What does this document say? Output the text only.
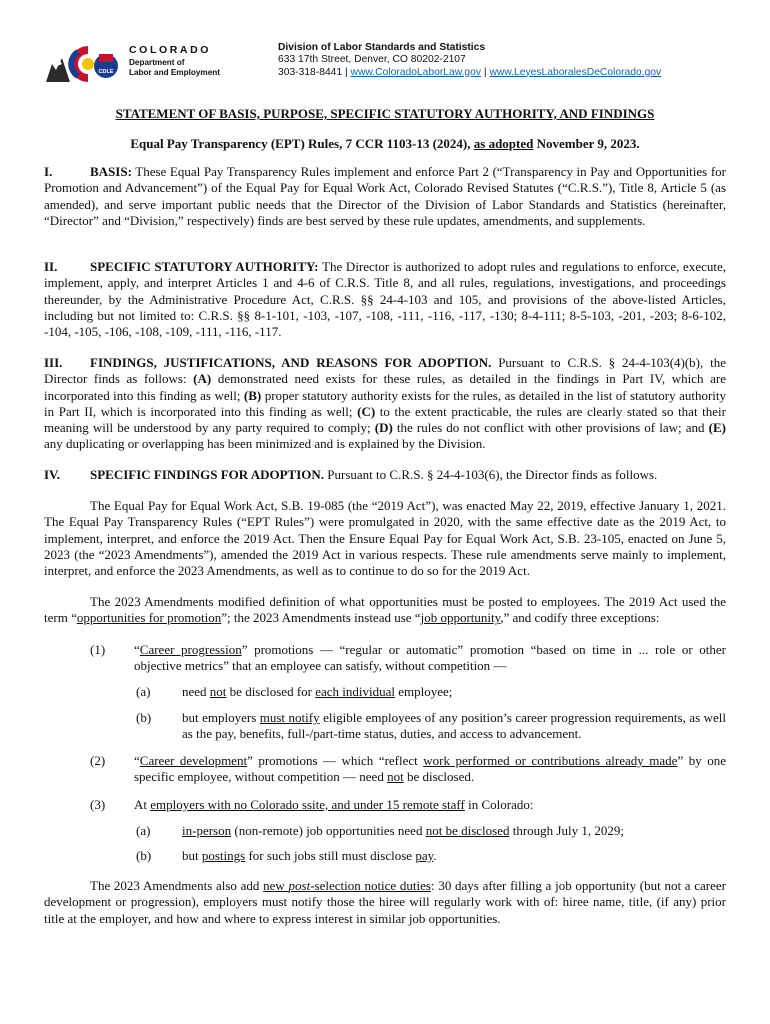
CDLE
COLORADO
Department of
Labor and Employment
Division of Labor Standards and Statistics
633 17th Street, Denver, CO 80202-2107
303-318-8441 | www.ColoradoLaborLaw.gov | www.LeyesLaboralesDeColorado.gov
STATEMENT OF BASIS, PURPOSE, SPECIFIC STATUTORY AUTHORITY, AND FINDINGS
Equal Pay Transparency (EPT) Rules, 7 CCR 1103-13 (2024), as adopted November 9, 2023.
I.	BASIS: These Equal Pay Transparency Rules implement and enforce Part 2 (“Transparency in Pay and Opportunities for Promotion and Advancement”) of the Equal Pay for Equal Work Act, Colorado Revised Statutes (“C.R.S.”), Title 8, Article 5 (as amended), and serve important public needs that the Director of the Division of Labor Standards and Statistics (hereinafter, “Director” and “Division,” respectively) finds are best served by these rule updates, amendments, and supplements.
II.	SPECIFIC STATUTORY AUTHORITY: The Director is authorized to adopt rules and regulations to enforce, execute, implement, apply, and interpret Articles 1 and 4-6 of C.R.S. Title 8, and all rules, regulations, investigations, and proceedings thereunder, by the Administrative Procedure Act, C.R.S. §§ 24-4-103 and 105, and provisions of the above-listed Articles, including but not limited to: C.R.S. §§ 8-1-101, -103, -107, -108, -111, -116, -117, -130; 8-4-111; 8-5-103, -201, -203; 8-6-102, -104, -105, -106, -108, -109, -111, -116, -117.
III. FINDINGS, JUSTIFICATIONS, AND REASONS FOR ADOPTION. Pursuant to C.R.S. § 24-4-103(4)(b), the Director finds as follows: (A) demonstrated need exists for these rules, as detailed in the findings in Part IV, which are incorporated into this finding as well; (B) proper statutory authority exists for the rules, as detailed in the list of statutory authority in Part II, which is incorporated into this finding as well; (C) to the extent practicable, the rules are clearly stated so that their meaning will be understood by any party required to comply; (D) the rules do not conflict with other provisions of law; and (E) any duplicating or overlapping has been minimized and is explained by the Division.
IV. SPECIFIC FINDINGS FOR ADOPTION. Pursuant to C.R.S. § 24-4-103(6), the Director finds as follows.
The Equal Pay for Equal Work Act, S.B. 19-085 (the “2019 Act”), was enacted May 22, 2019, effective January 1, 2021. The Equal Pay Transparency Rules (“EPT Rules”) were promulgated in 2020, with the same effective date as the 2019 Act, to implement, interpret, and enforce the 2019 Act. Then the Ensure Equal Pay for Equal Work Act, S.B. 23-105, enacted on June 5, 2023 (the “2023 Amendments”), amended the 2019 Act in various respects. These rule amendments serve mainly to implement, interpret, and enforce the 2023 Amendments, as well as to continue to do so for the 2019 Act.
The 2023 Amendments modified definition of what opportunities must be posted to employees. The 2019 Act used the term “opportunities for promotion”; the 2023 Amendments instead use “job opportunity,” and codify three exceptions:
(1)	“Career progression” promotions — “regular or automatic” promotion “based on time in ... role or other objective metrics” that an employee can satisfy, without competition —
(a)	need not be disclosed for each individual employee;
(b)	but employers must notify eligible employees of any position’s career progression requirements, as well as the pay, benefits, full-/part-time status, duties, and access to advancement.
(2)	“Career development” promotions — which “reflect work performed or contributions already made” by one specific employee, without competition — need not be disclosed.
(3)	At employers with no Colorado ssite, and under 15 remote staff in Colorado:
(a)	in-person (non-remote) job opportunities need not be disclosed through July 1, 2029;
(b)	but postings for such jobs still must disclose pay.
The 2023 Amendments also add new post-selection notice duties: 30 days after filling a job opportunity (but not a career development or progression), employers must notify those the hiree will regularly work with of: hiree name, title, (if any) prior title at the employer, and how and where to express interest in similar job opportunities.
